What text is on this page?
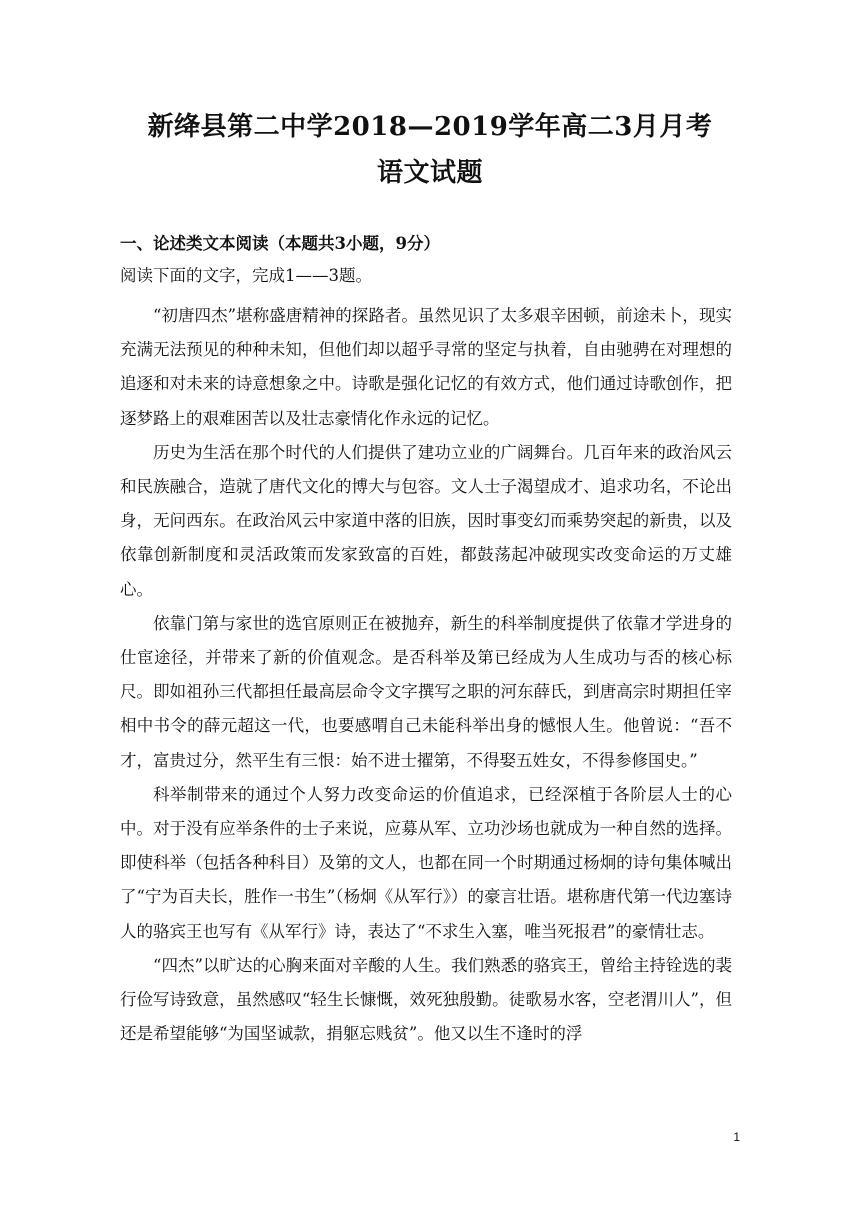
新绛县第二中学2018—2019学年高二3月月考
语文试题
一、论述类文本阅读（本题共3小题，9分）
阅读下面的文字，完成1——3题。

“初唐四杰”堪称盛唐精神的探路者。虽然见识了太多艰辛困顿，前途未卜，现实充满无法预见的种种未知，但他们却以超乎寻常的坚定与执着，自由驰骋在对理想的追逐和对未来的诗意想象之中。诗歌是强化记忆的有效方式，他们通过诗歌创作，把逐梦路上的艰难困苦以及壮志豪情化作永远的记忆。

历史为生活在那个时代的人们提供了建功立业的广阔舞台。几百年来的政治风云和民族融合，造就了唐代文化的博大与包容。文人士子渴望成才、追求功名，不论出身，无问西东。在政治风云中家道中落的旧族，因时事变幻而乘势突起的新贵，以及依靠创新制度和灵活政策而发家致富的百姓，都鼓荡起冲破现实改变命运的万丈雄心。

依靠门第与家世的选官原则正在被抛弃，新生的科举制度提供了依靠才学进身的仕宦途径，并带来了新的价值观念。是否科举及第已经成为人生成功与否的核心标尺。即如祖孙三代都担任最高层命令文字撰写之职的河东薛氏，到唐高宗时期担任宰相中书令的薛元超这一代，也要感喟自己未能科举出身的憾恨人生。他曾说：“吾不才，富贵过分，然平生有三恨：始不进士擢第，不得娶五姓女，不得参修国史。”

科举制带来的通过个人努力改变命运的价值追求，已经深植于各阶层人士的心中。对于没有应举条件的士子来说，应募从军、立功沙场也就成为一种自然的选择。即使科举（包括各种科目）及第的文人，也都在同一个时期通过杨炯的诗句集体喊出了“宁为百夫长，胜作一书生”（杨炯《从军行》）的豪言壮语。堪称唐代第一代边塞诗人的骆宾王也写有《从军行》诗，表达了“不求生入塞，唯当死报君”的豪情壮志。

“四杰”以旷达的心胸来面对辛酸的人生。我们熟悉的骆宾王，曾给主持铨选的裴行俭写诗致意，虽然感叹“轻生长慷慨，效死独殷勤。徒歌易水客，空老渭川人”，但还是希望能够“为国坚诚款，捐躯忘贱贫”。他又以生不逢时的浮

1
